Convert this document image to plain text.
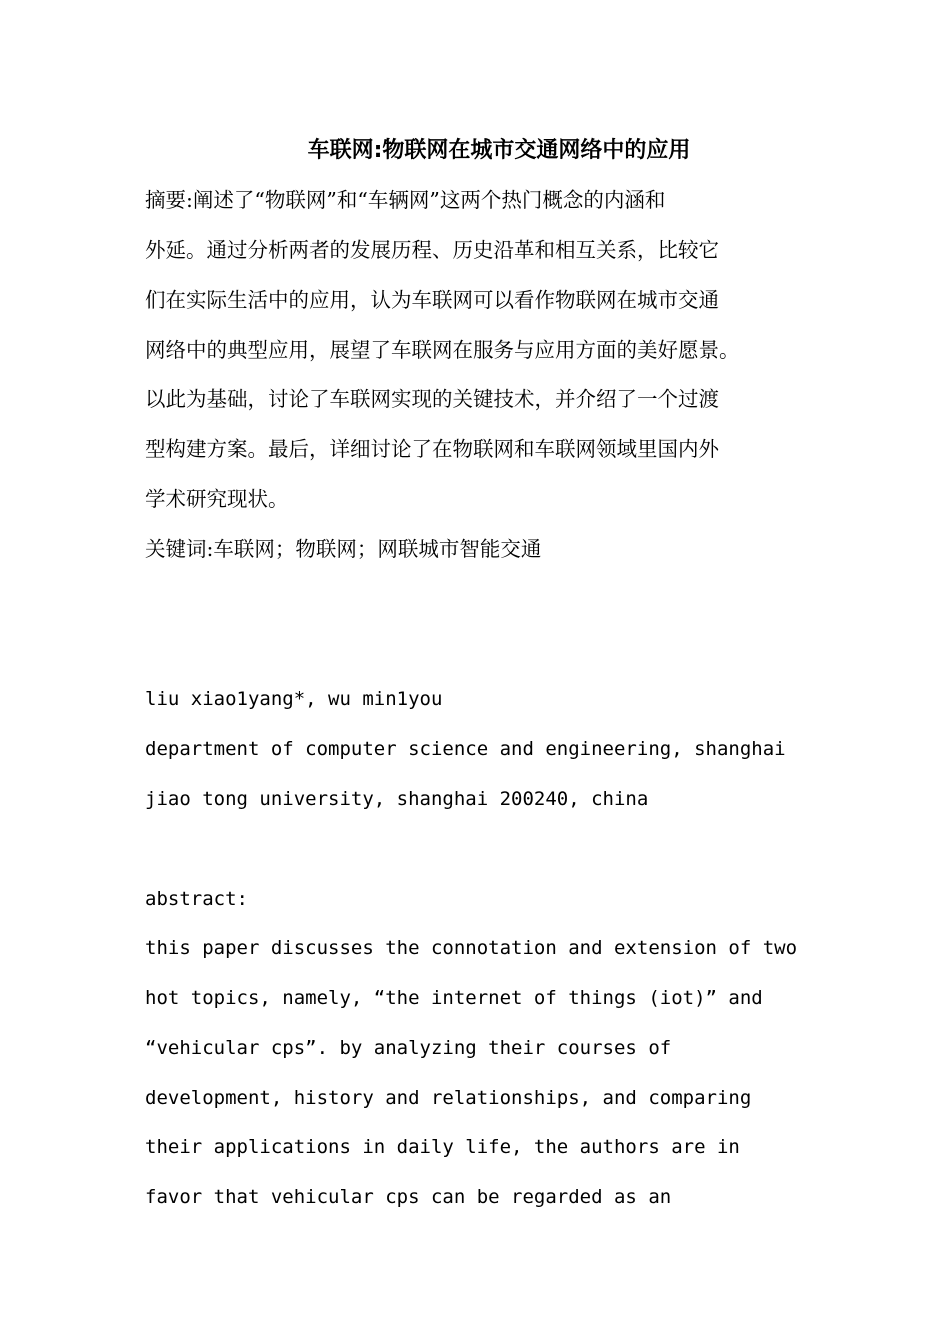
车联网:物联网在城市交通网络中的应用
摘要:阐述了“物联网”和“车辆网”这两个热门概念的内涵和
外延。通过分析两者的发展历程、历史沿革和相互关系，比较它
们在实际生活中的应用，认为车联网可以看作物联网在城市交通
网络中的典型应用，展望了车联网在服务与应用方面的美好愿景。
以此为基础，讨论了车联网实现的关键技术，并介绍了一个过渡
型构建方案。最后，详细讨论了在物联网和车联网领域里国内外
学术研究现状。
关键词:车联网；物联网；网联城市智能交通
liu xiao1yang*, wu min1you
department of computer science and engineering, shanghai
jiao tong university, shanghai 200240, china
abstract:
this paper discusses the connotation and extension of two
hot topics, namely, “the internet of things (iot)” and
“vehicular cps”. by analyzing their courses of
development, history and relationships, and comparing
their applications in daily life, the authors are in
favor that vehicular cps can be regarded as an
